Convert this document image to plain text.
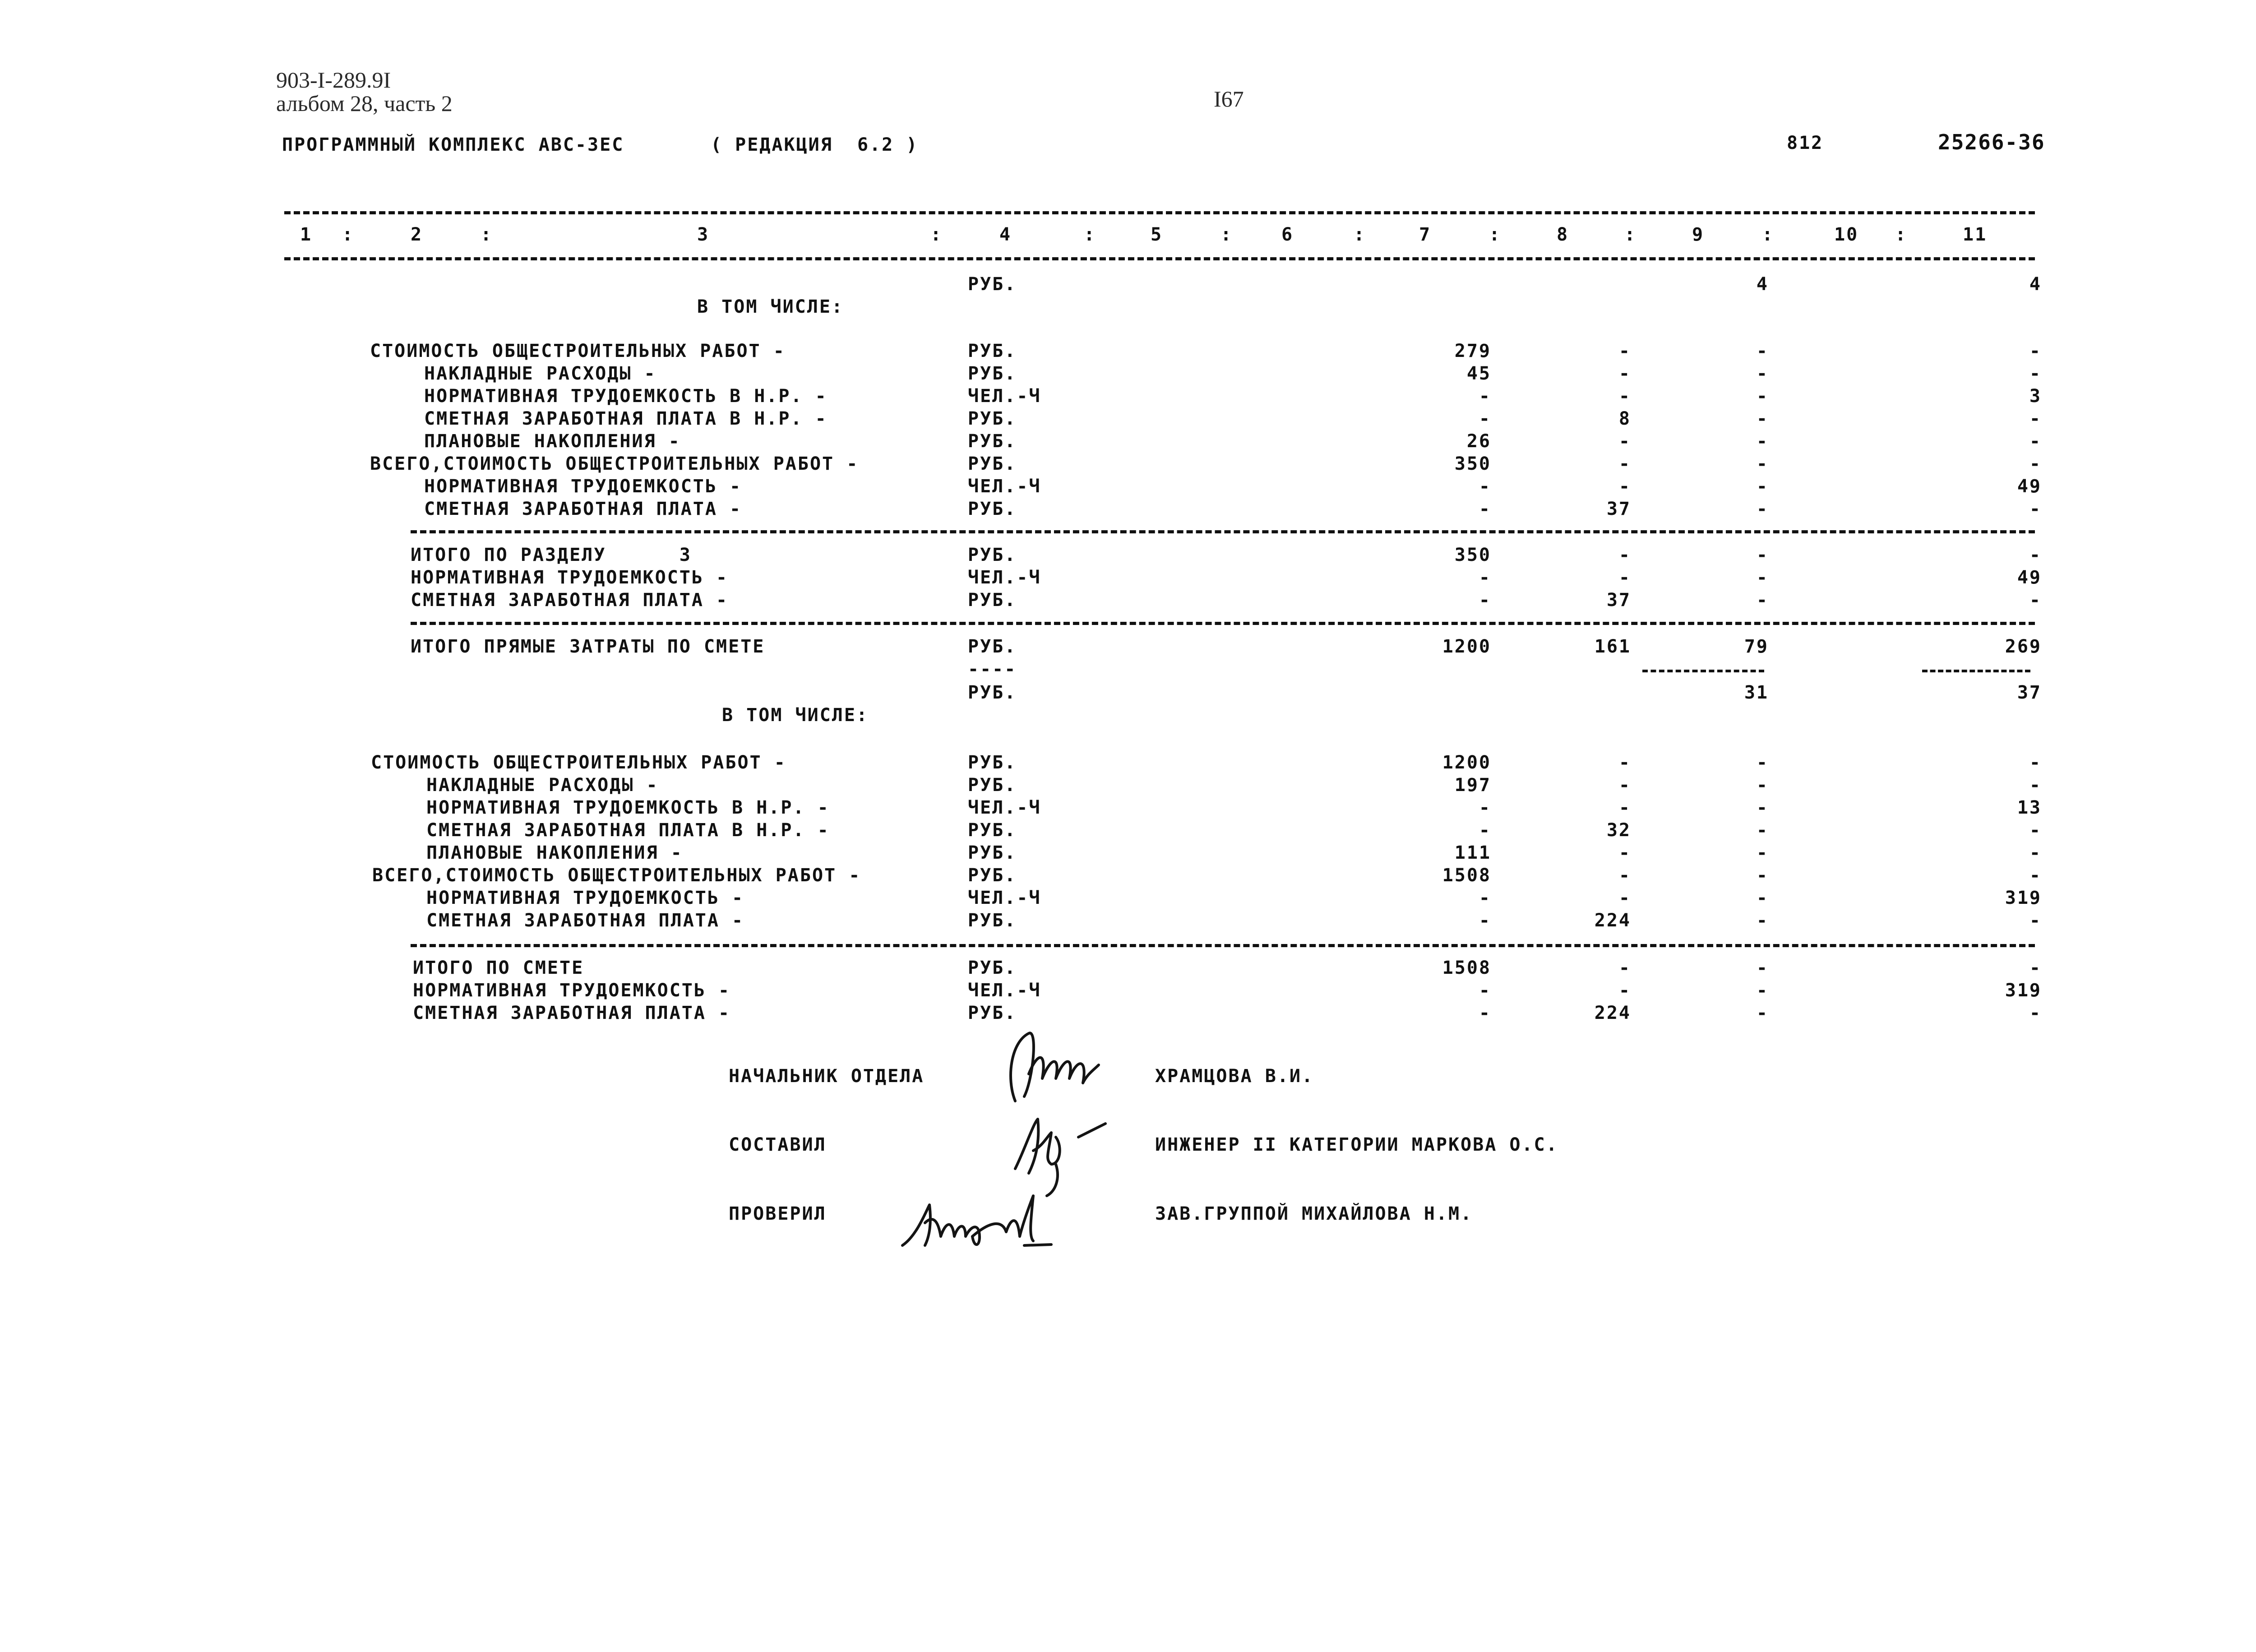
903-I-289.9I
альбом 28, часть 2	I67
ПРОГРАММНЫЙ КОМПЛЕКС АВС-3ЕС	( РЕДАКЦИЯ  6.2 )	812	25266-36
1	2	3	4	5	6	7	8	9	10	11
:	:	:	:	:	:	:	:	:	:
РУБ.	4	4
В ТОМ ЧИСЛЕ:
СТОИМОСТЬ ОБЩЕСТРОИТЕЛЬНЫХ РАБОТ -	РУБ.	279	-	-	-
НАКЛАДНЫЕ РАСХОДЫ -	РУБ.	45	-	-	-
НОРМАТИВНАЯ ТРУДОЕМКОСТЬ В Н.Р. -	ЧЕЛ.-Ч	-	-	-	3
СМЕТНАЯ ЗАРАБОТНАЯ ПЛАТА В Н.Р. -	РУБ.	-	8	-	-
ПЛАНОВЫЕ НАКОПЛЕНИЯ -	РУБ.	26	-	-	-
ВСЕГО,СТОИМОСТЬ ОБЩЕСТРОИТЕЛЬНЫХ РАБОТ -	РУБ.	350	-	-	-
НОРМАТИВНАЯ ТРУДОЕМКОСТЬ -	ЧЕЛ.-Ч	-	-	-	49
СМЕТНАЯ ЗАРАБОТНАЯ ПЛАТА -	РУБ.	-	37	-	-
ИТОГО ПО РАЗДЕЛУ      3	РУБ.	350	-	-	-
НОРМАТИВНАЯ ТРУДОЕМКОСТЬ -	ЧЕЛ.-Ч	-	-	-	49
СМЕТНАЯ ЗАРАБОТНАЯ ПЛАТА -	РУБ.	-	37	-	-
ИТОГО ПРЯМЫЕ ЗАТРАТЫ ПО СМЕТЕ	РУБ.	1200	161	79	269
----
РУБ.	31	37
В ТОМ ЧИСЛЕ:
СТОИМОСТЬ ОБЩЕСТРОИТЕЛЬНЫХ РАБОТ -	РУБ.	1200	-	-	-
НАКЛАДНЫЕ РАСХОДЫ -	РУБ.	197	-	-	-
НОРМАТИВНАЯ ТРУДОЕМКОСТЬ В Н.Р. -	ЧЕЛ.-Ч	-	-	-	13
СМЕТНАЯ ЗАРАБОТНАЯ ПЛАТА В Н.Р. -	РУБ.	-	32	-	-
ПЛАНОВЫЕ НАКОПЛЕНИЯ -	РУБ.	111	-	-	-
ВСЕГО,СТОИМОСТЬ ОБЩЕСТРОИТЕЛЬНЫХ РАБОТ -	РУБ.	1508	-	-	-
НОРМАТИВНАЯ ТРУДОЕМКОСТЬ -	ЧЕЛ.-Ч	-	-	-	319
СМЕТНАЯ ЗАРАБОТНАЯ ПЛАТА -	РУБ.	-	224	-	-
ИТОГО ПО СМЕТЕ	РУБ.	1508	-	-	-
НОРМАТИВНАЯ ТРУДОЕМКОСТЬ -	ЧЕЛ.-Ч	-	-	-	319
СМЕТНАЯ ЗАРАБОТНАЯ ПЛАТА -	РУБ.	-	224	-	-
НАЧАЛЬНИК ОТДЕЛА	ХРАМЦОВА В.И.
СОСТАВИЛ	ИНЖЕНЕР II КАТЕГОРИИ МАРКОВА О.С.
ПРОВЕРИЛ	ЗАВ.ГРУППОЙ МИХАЙЛОВА Н.М.
